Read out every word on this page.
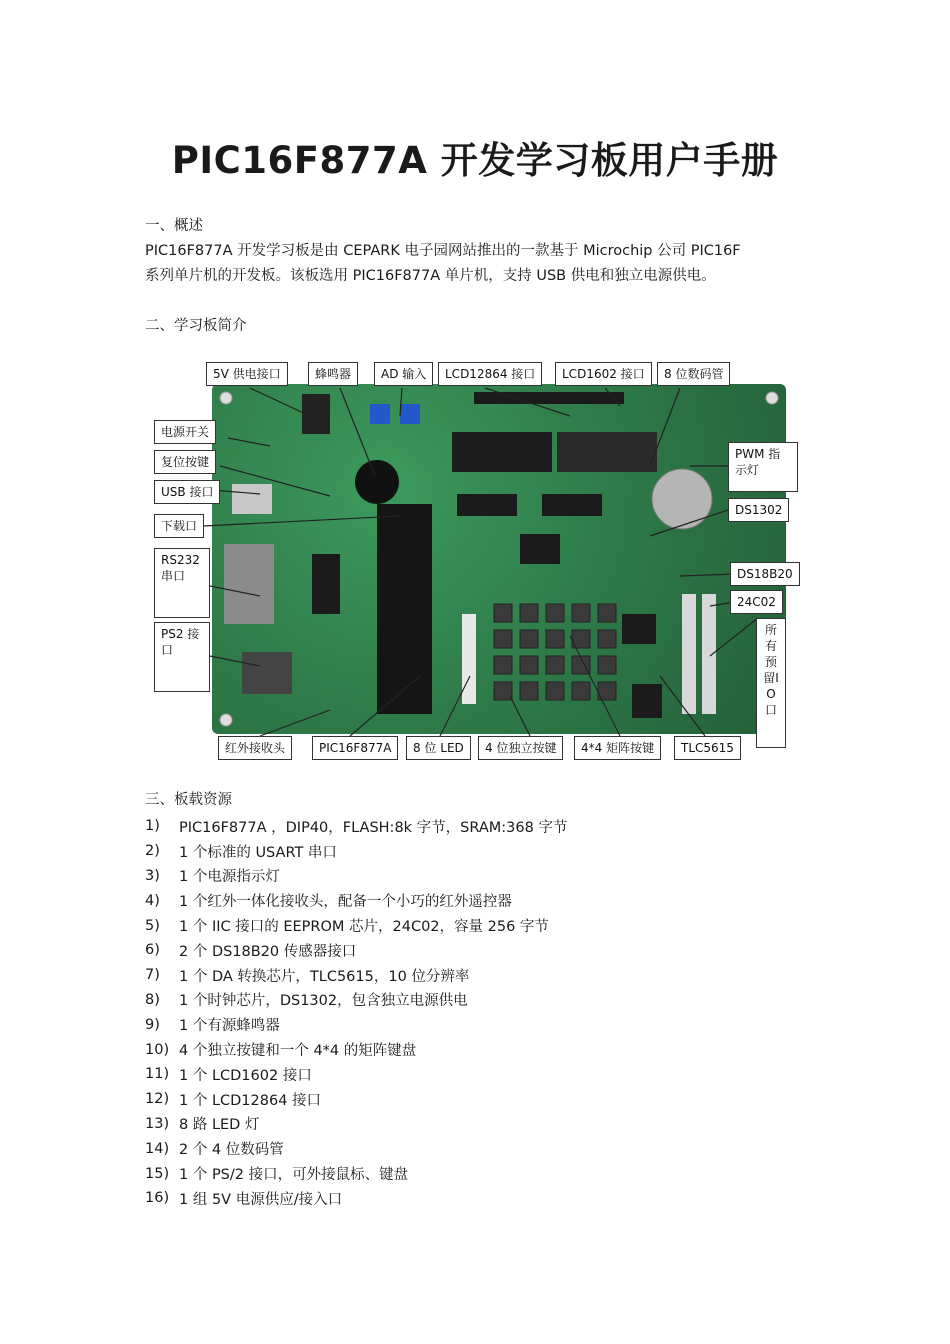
PIC16F877A 开发学习板用户手册
一、概述
PIC16F877A 开发学习板是由 CEPARK 电子园网站推出的一款基于 Microchip 公司 PIC16F
系列单片机的开发板。该板选用 PIC16F877A 单片机，支持 USB 供电和独立电源供电。
二、学习板简介
5V 供电接口	蜂鸣器	AD 输入	LCD12864 接口	LCD1602 接口	8 位数码管
电源开关
复位按键
USB 接口
下载口
RS232 串口
PS2 接口
PWM 指示灯
DS1302
DS18B20
24C02
所有预留IO口
红外接收头	PIC16F877A	8 位 LED	4 位独立按键	4*4 矩阵按键	TLC5615
三、板载资源
1)	PIC16F877A ，DIP40，FLASH:8k 字节，SRAM:368 字节
2)	1 个标准的 USART 串口
3)	1 个电源指示灯
4)	1 个红外一体化接收头，配备一个小巧的红外遥控器
5)	1 个 IIC 接口的 EEPROM 芯片，24C02，容量 256 字节
6)	2 个 DS18B20 传感器接口
7)	1 个 DA 转换芯片，TLC5615，10 位分辨率
8)	1 个时钟芯片，DS1302，包含独立电源供电
9)	1 个有源蜂鸣器
10) 4 个独立按键和一个 4*4 的矩阵键盘
11) 1 个 LCD1602 接口
12) 1 个 LCD12864 接口
13) 8 路 LED 灯
14) 2 个 4 位数码管
15) 1 个 PS/2 接口，可外接鼠标、键盘
16) 1 组 5V 电源供应/接入口
